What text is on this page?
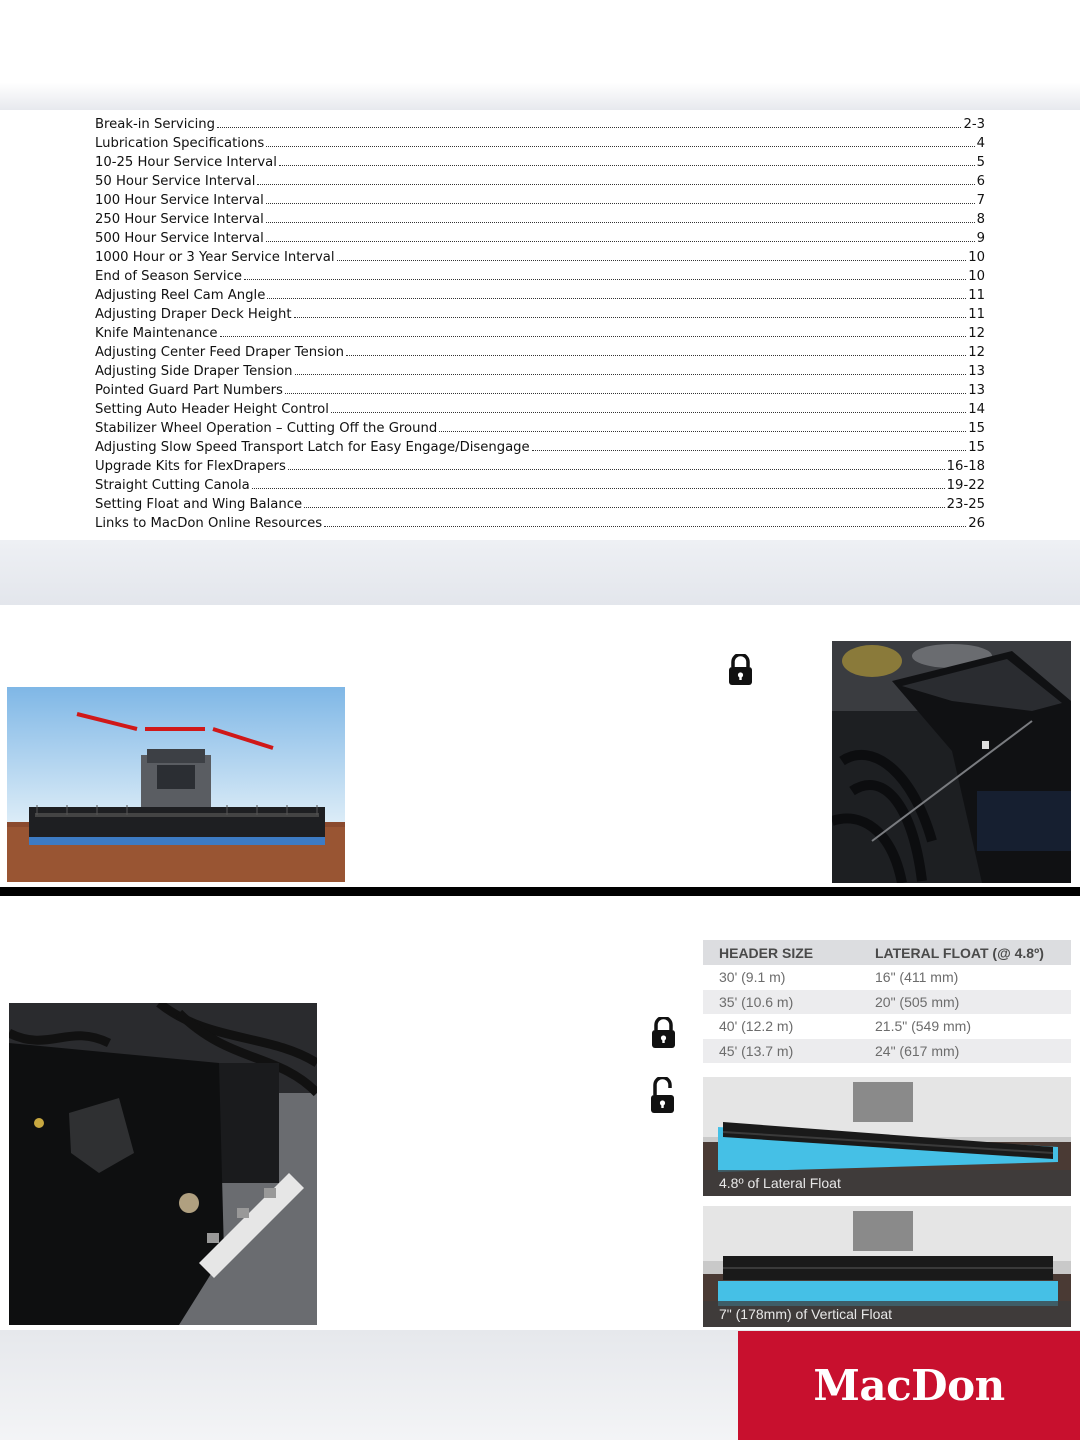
Break-in Servicing	2-3
Lubrication Specifications	4
10-25 Hour Service Interval	5
50 Hour Service Interval	6
100 Hour Service Interval	7
250 Hour Service Interval	8
500 Hour Service Interval	9
1000 Hour or 3 Year Service Interval	10
End of Season Service	10
Adjusting Reel Cam Angle	11
Adjusting Draper Deck Height	11
Knife Maintenance	12
Adjusting Center Feed Draper Tension	12
Adjusting Side Draper Tension	13
Pointed Guard Part Numbers	13
Setting Auto Header Height Control	14
Stabilizer Wheel Operation – Cutting Off the Ground	15
Adjusting Slow Speed Transport Latch for Easy Engage/Disengage	15
Upgrade Kits for FlexDrapers	16-18
Straight Cutting Canola	19-22
Setting Float and Wing Balance	23-25
Links to MacDon Online Resources	26
HEADER SIZE	LATERAL FLOAT (@ 4.8º)
30' (9.1 m)	16" (411 mm)
35' (10.6 m)	20" (505 mm)
40' (12.2 m)	21.5" (549 mm)
45' (13.7 m)	24" (617 mm)
4.8º of Lateral Float
7" (178mm) of Vertical Float
MacDon
